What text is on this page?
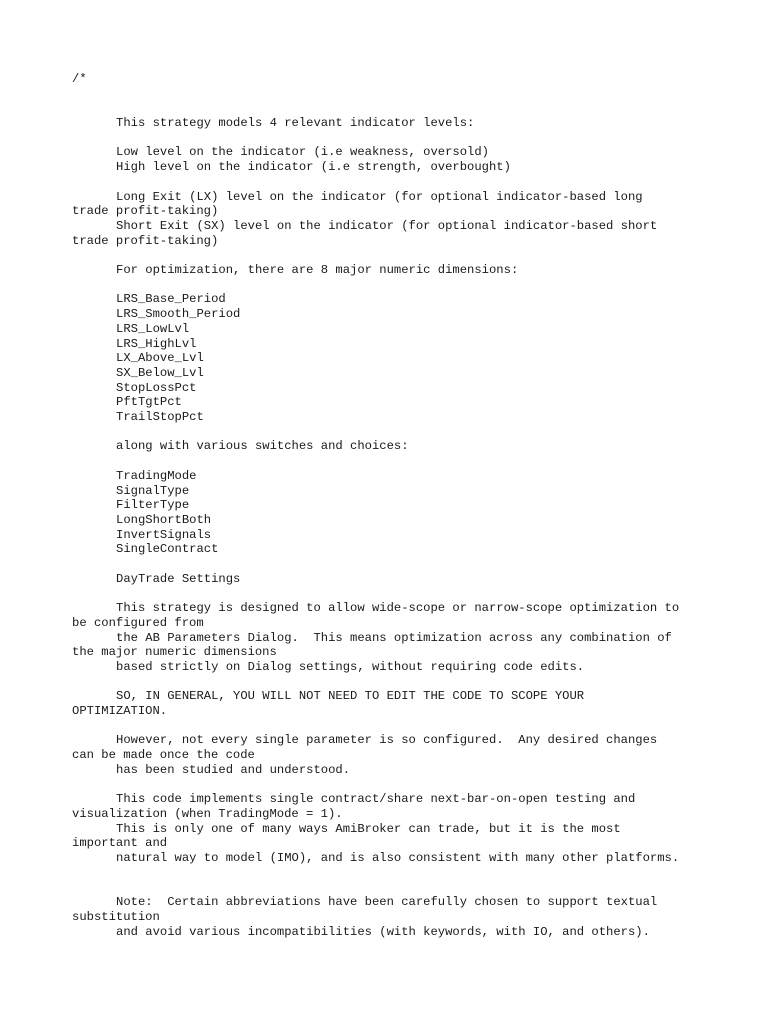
/*
This strategy models 4 relevant indicator levels:
Low level on the indicator (i.e weakness, oversold)
High level on the indicator (i.e strength, overbought)
Long Exit (LX) level on the indicator (for optional indicator-based long
trade profit-taking)
Short Exit (SX) level on the indicator (for optional indicator-based short
trade profit-taking)
For optimization, there are 8 major numeric dimensions:
LRS_Base_Period
LRS_Smooth_Period
LRS_LowLvl
LRS_HighLvl
LX_Above_Lvl
SX_Below_Lvl
StopLossPct
PftTgtPct
TrailStopPct
along with various switches and choices:
TradingMode
SignalType
FilterType
LongShortBoth
InvertSignals
SingleContract
DayTrade Settings
This strategy is designed to allow wide-scope or narrow-scope optimization to
be configured from
the AB Parameters Dialog.  This means optimization across any combination of
the major numeric dimensions
based strictly on Dialog settings, without requiring code edits.
SO, IN GENERAL, YOU WILL NOT NEED TO EDIT THE CODE TO SCOPE YOUR
OPTIMIZATION.
However, not every single parameter is so configured.  Any desired changes
can be made once the code
has been studied and understood.
This code implements single contract/share next-bar-on-open testing and
visualization (when TradingMode = 1).
This is only one of many ways AmiBroker can trade, but it is the most
important and
natural way to model (IMO), and is also consistent with many other platforms.
Note:  Certain abbreviations have been carefully chosen to support textual
substitution
and avoid various incompatibilities (with keywords, with IO, and others).
